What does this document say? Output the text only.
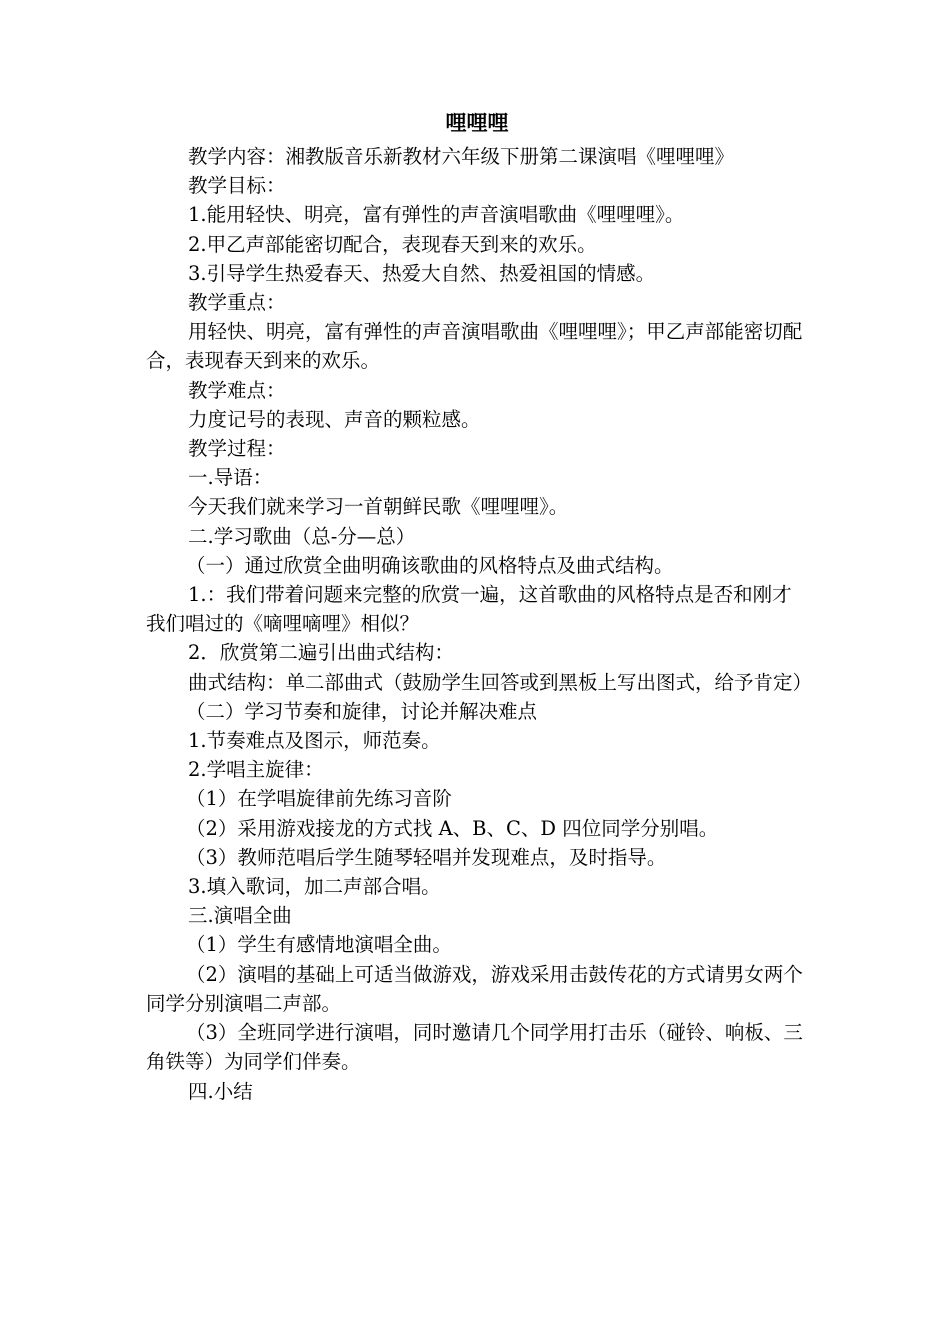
哩哩哩

教学内容：湘教版音乐新教材六年级下册第二课演唱《哩哩哩》

教学目标：

1.能用轻快、明亮，富有弹性的声音演唱歌曲《哩哩哩》。

2.甲乙声部能密切配合，表现春天到来的欢乐。

3.引导学生热爱春天、热爱大自然、热爱祖国的情感。

教学重点：

用轻快、明亮，富有弹性的声音演唱歌曲《哩哩哩》；甲乙声部能密切配合，表现春天到来的欢乐。

教学难点：

力度记号的表现、声音的颗粒感。

教学过程：

一.导语：

今天我们就来学习一首朝鲜民歌《哩哩哩》。

二.学习歌曲（总-分—总）

（一）通过欣赏全曲明确该歌曲的风格特点及曲式结构。

1.：我们带着问题来完整的欣赏一遍，这首歌曲的风格特点是否和刚才我们唱过的《嘀哩嘀哩》相似？

2．欣赏第二遍引出曲式结构：

曲式结构：单二部曲式（鼓励学生回答或到黑板上写出图式，给予肯定）

（二）学习节奏和旋律，讨论并解决难点

1.节奏难点及图示，师范奏。

2.学唱主旋律：

（1）在学唱旋律前先练习音阶

（2）采用游戏接龙的方式找 A、B、C、D 四位同学分别唱。

（3）教师范唱后学生随琴轻唱并发现难点，及时指导。

3.填入歌词，加二声部合唱。

三.演唱全曲

（1）学生有感情地演唱全曲。

（2）演唱的基础上可适当做游戏，游戏采用击鼓传花的方式请男女两个同学分别演唱二声部。

（3）全班同学进行演唱，同时邀请几个同学用打击乐（碰铃、响板、三角铁等）为同学们伴奏。

四.小结
